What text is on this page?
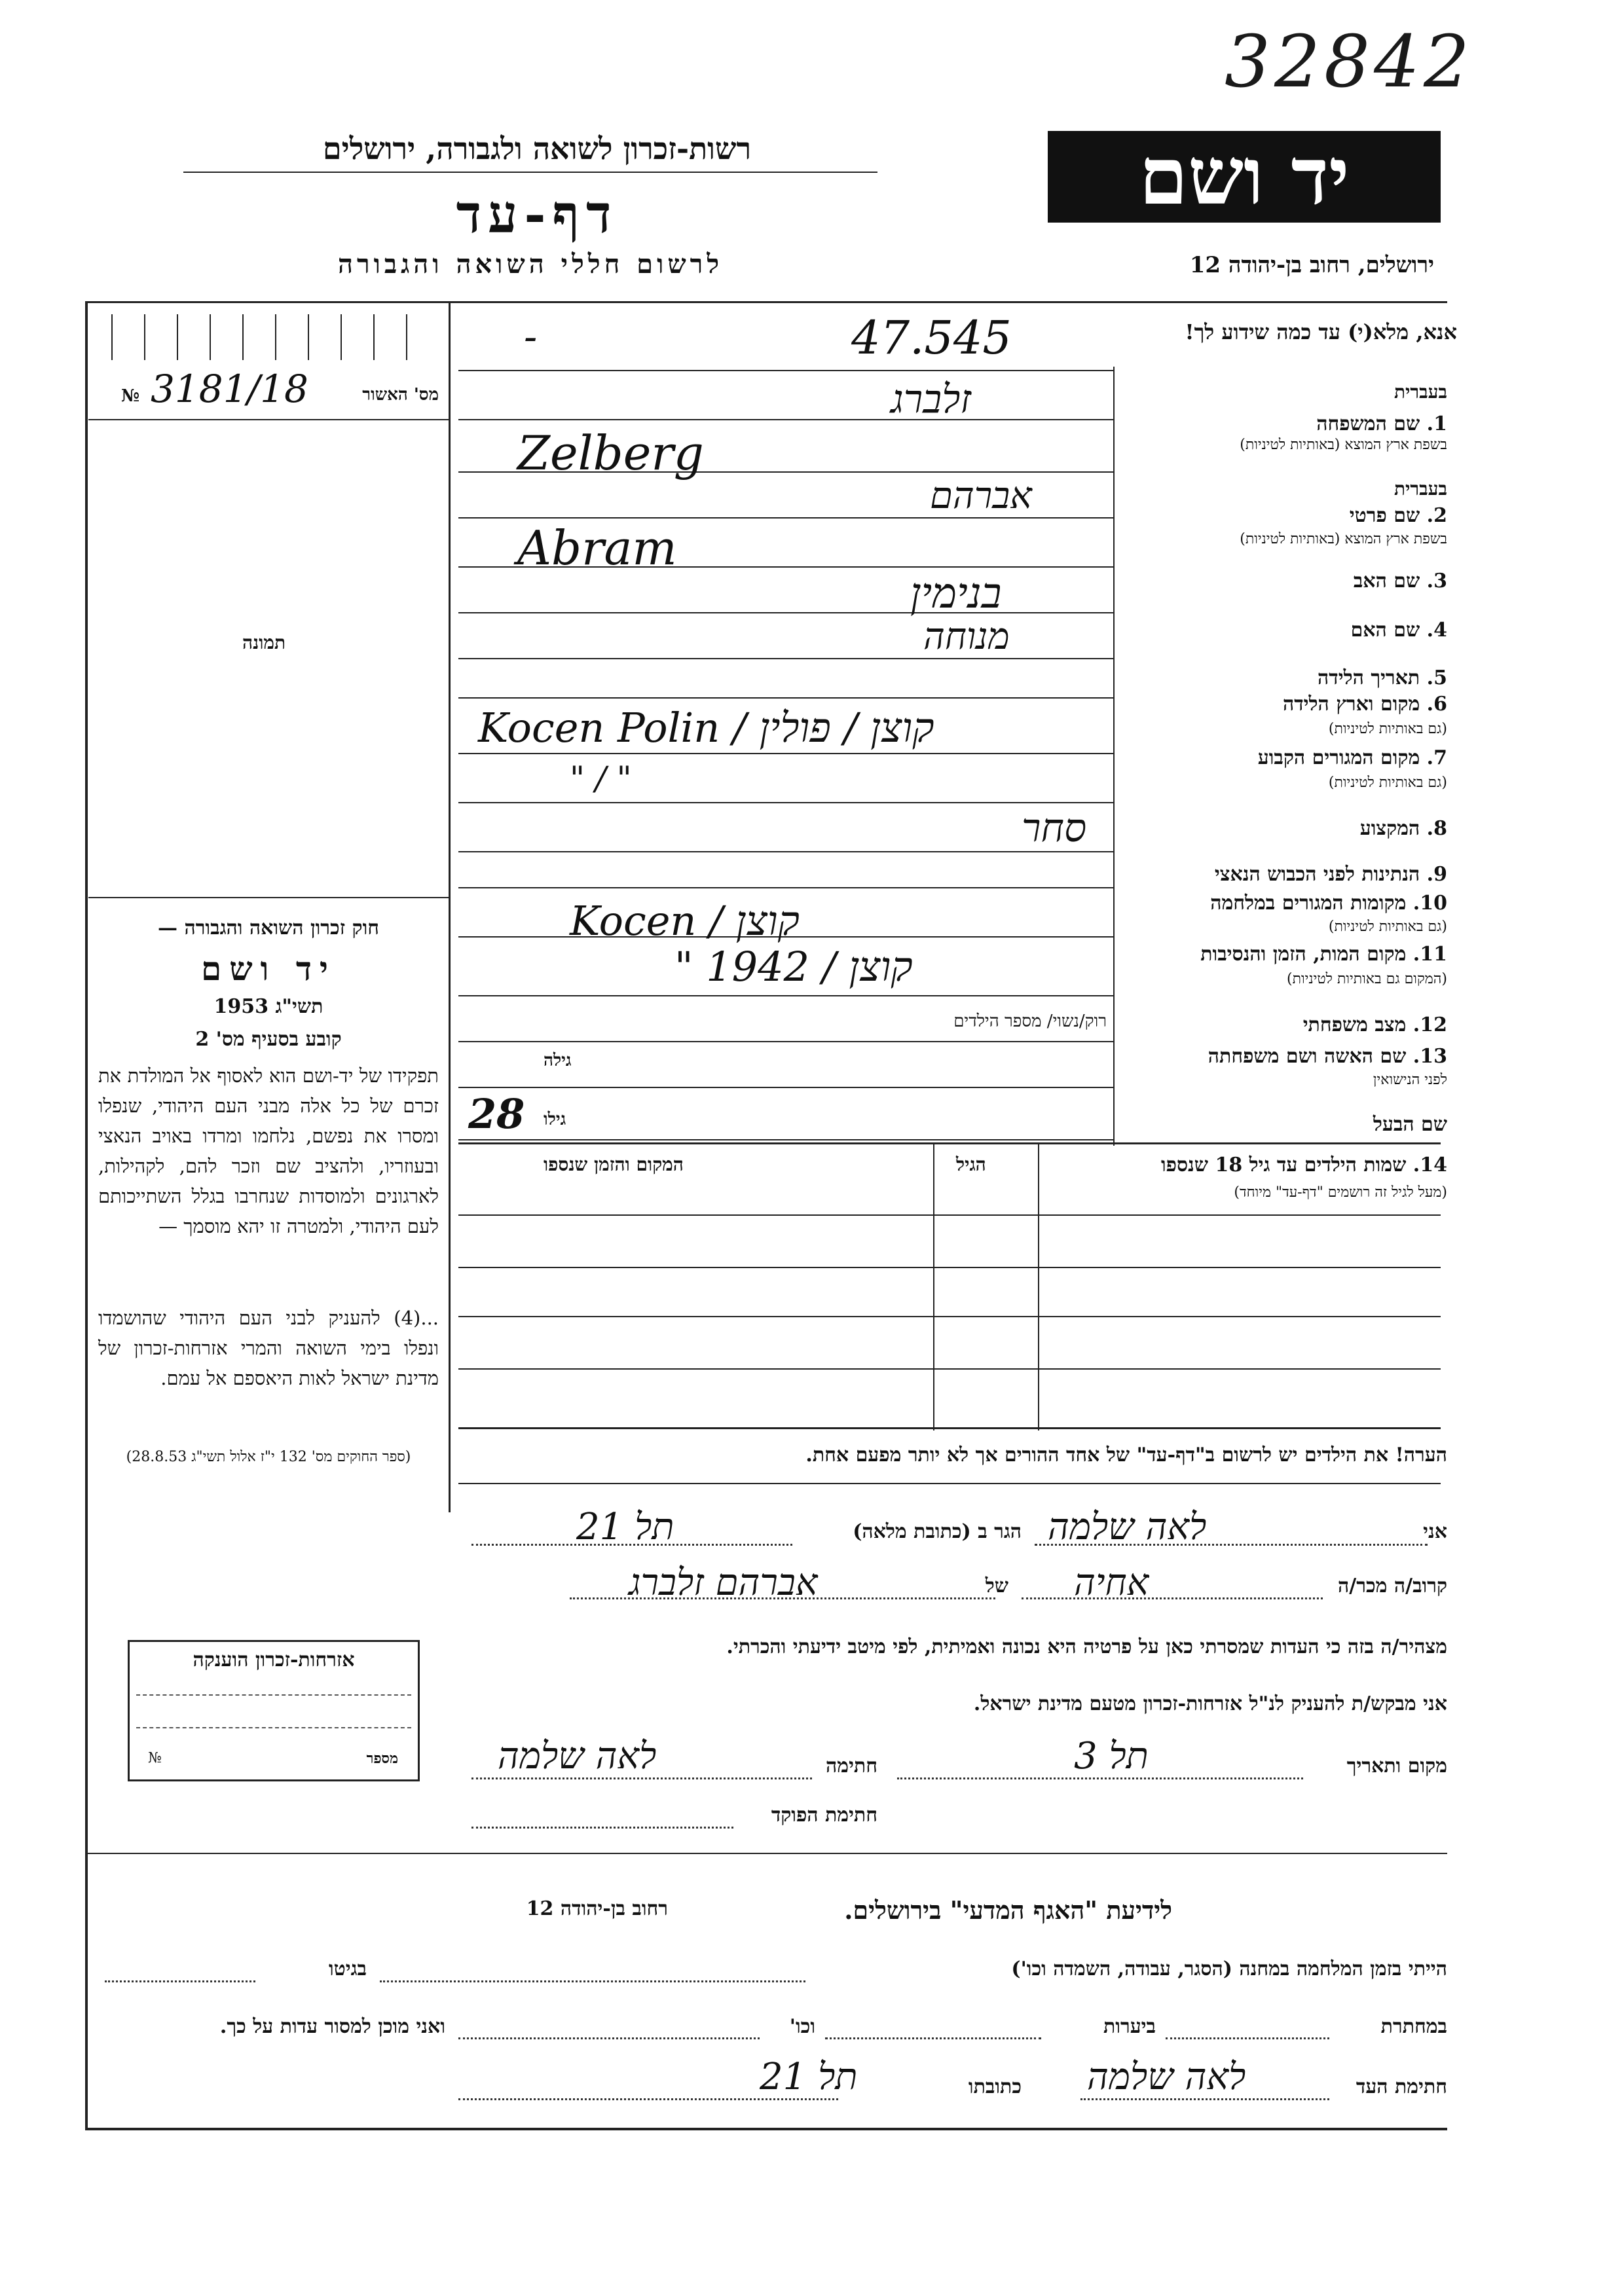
32842
רשות-זכרון לשואה ולגבורה, ירושלים
דף-עד
לרשום חללי השואה והגבורה
יד ושם
ירושלים, רחוב בן-יהודה 12
אנא, מלא(י) עד כמה שידוע לך!
47.545
-
№ 3181/18	מס' האשור
תמונה
חוק זכרון השואה והגבורה —
יד ושם
תשי"ג 1953
קובע בסעיף מס' 2
תפקידו של יד-ושם הוא לאסוף אל המולדת את זכרם של כל אלה מבני העם היהודי, שנפלו ומסרו את נפשם, נלחמו ומרדו באויב הנאצי ובעוזריו, ולהציב שם וזכר להם, לקהילות, לארגונים ולמוסדות שנחרבו בגלל השתייכותם לעם היהודי, ולמטרה זו יהא מוסמך —
...(4) להעניק לבני העם היהודי שהושמדו ונפלו בימי השואה והמרי אזרחות-זכרון של מדינת ישראל לאות היאספם אל עמם.
(ספר החוקים מס' 132 י"ז אלול תשי"ג 28.8.53)
בעברית
בשפת ארץ המוצא (באותיות לטיניות)
בעברית
בשפת ארץ המוצא (באותיות לטיניות)
1. שם המשפחה
2. שם פרטי
3. שם האב
4. שם האם
5. תאריך הלידה
6. מקום וארץ הלידה
(גם באותיות לטיניות)
7. מקום המגורים הקבוע
(גם באותיות לטיניות)
8. המקצוע
9. הנתינות לפני הכבוש הנאצי
10. מקומות המגורים במלחמה
(גם באותיות לטיניות)
11. מקום המות, הזמן והנסיבות
(המקום גם באותיות לטיניות)
12. מצב משפחתי
13. שם האשה ושם משפחתה
לפני הנישואין
שם הבעל
זלברג
Zelberg
אברהם
Abram
בנימין
מנוחה
Kocen Polin / קוצן / פולין
" / "
סחר
Kocen / קוצן
" 1942 / קוצן
רוק/נשוי/ מספר הילדים
גילה
גילו
28
14. שמות הילדים עד גיל 18 שנספו
(מעל לגיל זה רושמים "דף-עד" מיוחד)
הגיל
המקום והזמן שנספו
הערה! את הילדים יש לרשום ב"דף-עד" של אחד ההורים אך לא יותר מפעם אחת.
אני
לאה שלמה
הגר ב (כתובת מלאה)
21 תל
קרוב/ה מכר/ה
אחיה
של
אברהם זלברג
מצהיר/ה בזה כי העדות שמסרתי כאן על פרטיה היא נכונה ואמיתית, לפי מיטב ידיעתי והכרתי.
אני מבקש/ת להעניק לנ"ל אזרחות-זכרון מטעם מדינת ישראל.
מקום ותאריך
תל 3
חתימה
לאה שלמה
חתימת הפוקד
אזרחות-זכרון הוענקה
№	מספר
לידיעת "האגף המדעי" בירושלים.
רחוב בן-יהודה 12
הייתי בזמן המלחמה במחנה (הסגר, עבודה, השמדה וכו')
בגיטו
במחתרת
ביערות
וכו'
ואני מוכן למסור עדות על כך.
חתימת העד
לאה שלמה
כתובתו
תל 21
